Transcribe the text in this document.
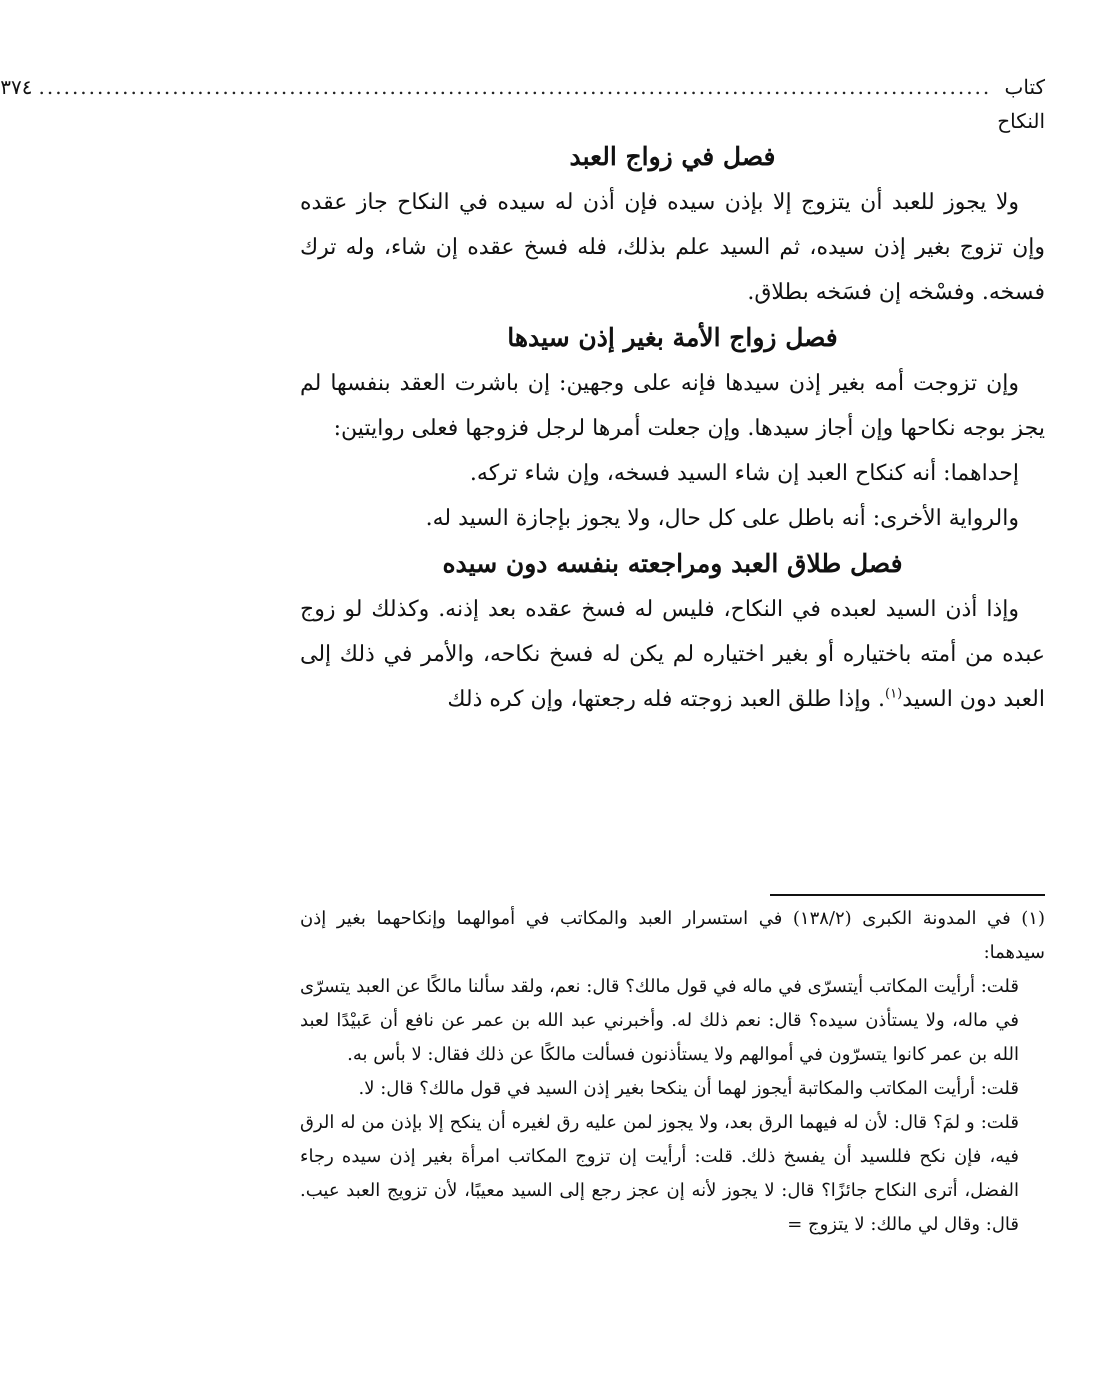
كتاب النكاح
..................................................................................................................
٣٧٤
فصل في زواج العبد

ولا يجوز للعبد أن يتزوج إلا بإذن سيده فإن أذن له سيده في النكاح جاز عقده وإن تزوج بغير إذن سيده، ثم السيد علم بذلك، فله فسخ عقده إن شاء، وله ترك فسخه. وفسْخه إن فسَخه بطلاق.

فصل زواج الأمة بغير إذن سيدها

وإن تزوجت أمه بغير إذن سيدها فإنه على وجهين: إن باشرت العقد بنفسها لم يجز بوجه نكاحها وإن أجاز سيدها. وإن جعلت أمرها لرجل فزوجها فعلى روايتين:

إحداهما: أنه كنكاح العبد إن شاء السيد فسخه، وإن شاء تركه.

والرواية الأخرى: أنه باطل على كل حال، ولا يجوز بإجازة السيد له.

فصل طلاق العبد ومراجعته بنفسه دون سيده

وإذا أذن السيد لعبده في النكاح، فليس له فسخ عقده بعد إذنه. وكذلك لو زوج عبده من أمته باختياره أو بغير اختياره لم يكن له فسخ نكاحه، والأمر في ذلك إلى العبد دون السيد$^{(١)}$. وإذا طلق العبد زوجته فله رجعتها، وإن كره ذلك

(١) في المدونة الكبرى (١٣٨/٢) في استسرار العبد والمكاتب في أموالهما وإنكاحهما بغير إذن سيدهما:

قلت: أرأيت المكاتب أيتسرّى في ماله في قول مالك؟ قال: نعم، ولقد سألنا مالكًا عن العبد يتسرّى في ماله، ولا يستأذن سيده؟ قال: نعم ذلك له. وأخبرني عبد الله بن عمر عن نافع أن عَبيْدًا لعبد الله بن عمر كانوا يتسرّون في أموالهم ولا يستأذنون فسألت مالكًا عن ذلك فقال: لا بأس به.

قلت: أرأيت المكاتب والمكاتبة أيجوز لهما أن ينكحا بغير إذن السيد في قول مالك؟ قال: لا.

قلت: و لمَ؟ قال: لأن له فيهما الرق بعد، ولا يجوز لمن عليه رق لغيره أن ينكح إلا بإذن من له الرق فيه، فإن نكح فللسيد أن يفسخ ذلك. قلت: أرأيت إن تزوج المكاتب امرأة بغير إذن سيده رجاء الفضل، أترى النكاح جائزًا؟ قال: لا يجوز لأنه إن عجز رجع إلى السيد معيبًا، لأن تزويج العبد عيب. قال: وقال لي مالك: لا يتزوج =
